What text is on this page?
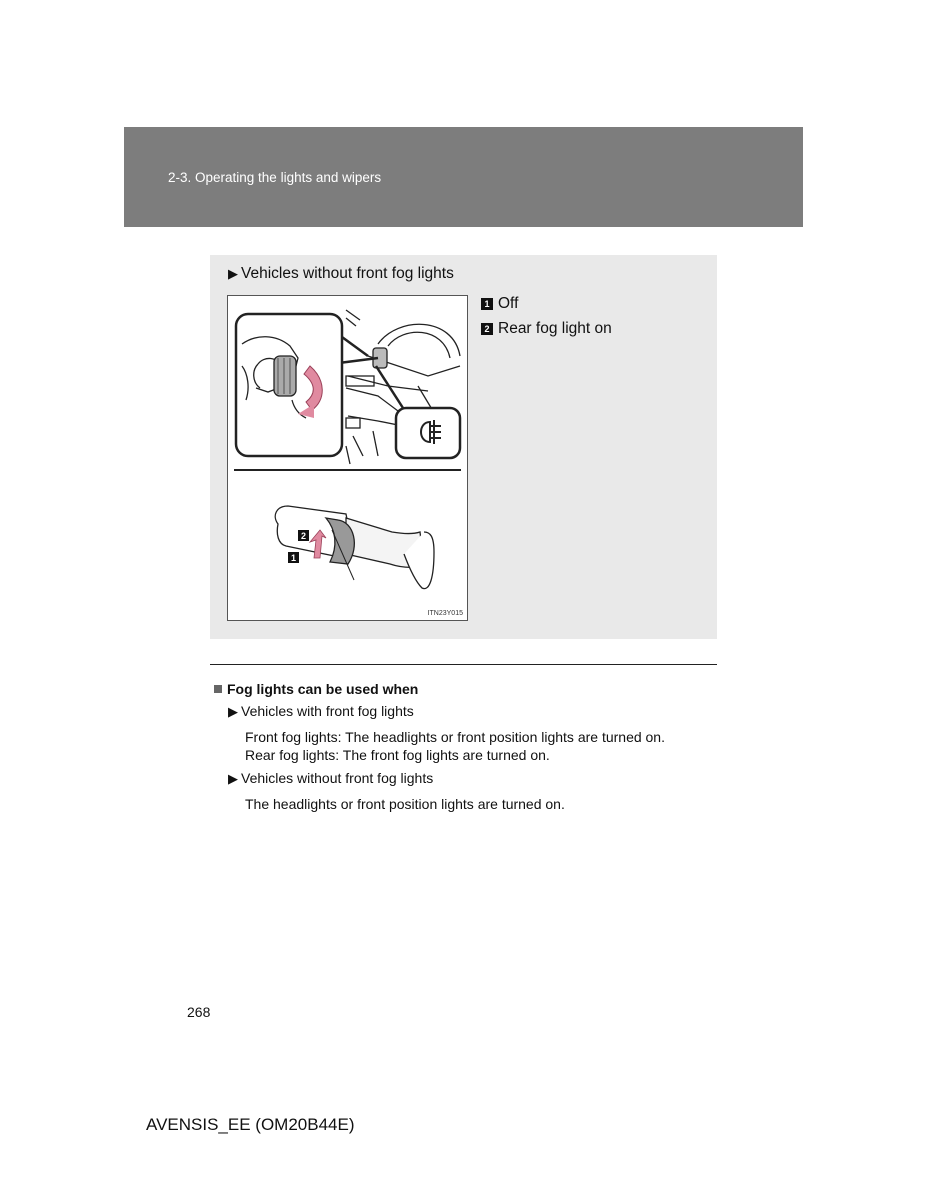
2-3. Operating the lights and wipers
▶ Vehicles without front fog lights
2
1
ITN23Y015
1 Off
2 Rear fog light on
Fog lights can be used when
▶ Vehicles with front fog lights
Front fog lights: The headlights or front position lights are turned on.
Rear fog lights: The front fog lights are turned on.
▶ Vehicles without front fog lights
The headlights or front position lights are turned on.
268
AVENSIS_EE (OM20B44E)
